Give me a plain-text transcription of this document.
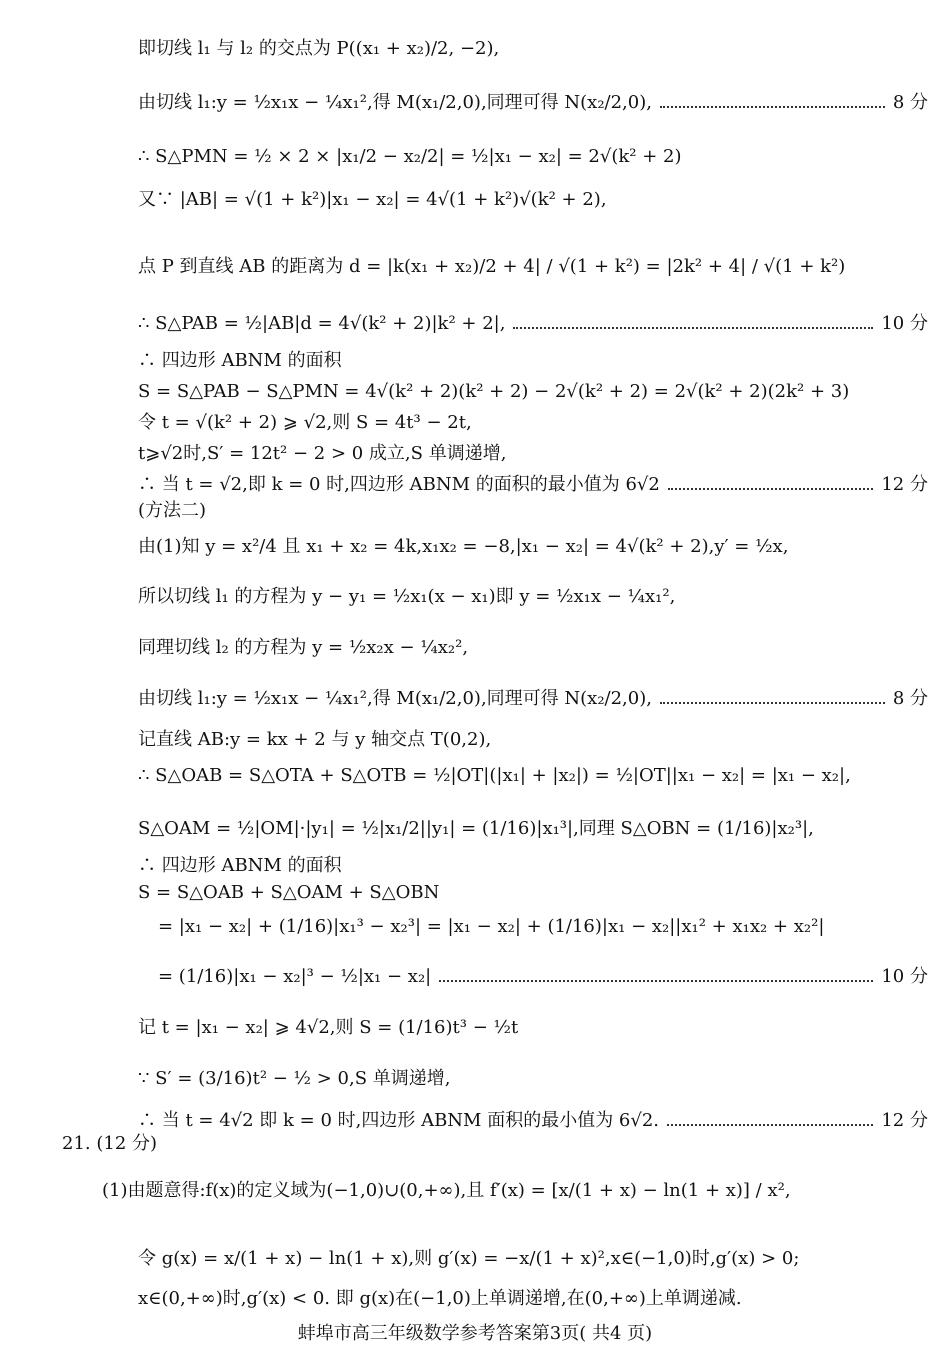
即切线 l₁ 与 l₂ 的交点为 P((x₁ + x₂)/2, −2),
由切线 l₁:y = ½x₁x − ¼x₁²,得 M(x₁/2,0),同理可得 N(x₂/2,0),	8 分
∴ S△PMN = ½ × 2 × |x₁/2 − x₂/2| = ½|x₁ − x₂| = 2√(k² + 2)
又∵ |AB| = √(1 + k²)|x₁ − x₂| = 4√(1 + k²)√(k² + 2),
点 P 到直线 AB 的距离为 d = |k(x₁ + x₂)/2 + 4| / √(1 + k²) = |2k² + 4| / √(1 + k²)
∴ S△PAB = ½|AB|d = 4√(k² + 2)|k² + 2|,	10 分
∴ 四边形 ABNM 的面积
S = S△PAB − S△PMN = 4√(k² + 2)(k² + 2) − 2√(k² + 2) = 2√(k² + 2)(2k² + 3)
令 t = √(k² + 2) ⩾ √2,则 S = 4t³ − 2t,
t⩾√2时,S′ = 12t² − 2 > 0 成立,S 单调递增,
∴ 当 t = √2,即 k = 0 时,四边形 ABNM 的面积的最小值为 6√2	12 分
(方法二)
由(1)知 y = x²/4 且 x₁ + x₂ = 4k,x₁x₂ = −8,|x₁ − x₂| = 4√(k² + 2),y′ = ½x,
所以切线 l₁ 的方程为 y − y₁ = ½x₁(x − x₁)即 y = ½x₁x − ¼x₁²,
同理切线 l₂ 的方程为 y = ½x₂x − ¼x₂²,
由切线 l₁:y = ½x₁x − ¼x₁²,得 M(x₁/2,0),同理可得 N(x₂/2,0),	8 分
记直线 AB:y = kx + 2 与 y 轴交点 T(0,2),
∴ S△OAB = S△OTA + S△OTB = ½|OT|(|x₁| + |x₂|) = ½|OT||x₁ − x₂| = |x₁ − x₂|,
S△OAM = ½|OM|·|y₁| = ½|x₁/2||y₁| = (1/16)|x₁³|,同理 S△OBN = (1/16)|x₂³|,
∴ 四边形 ABNM 的面积
S = S△OAB + S△OAM + S△OBN
= |x₁ − x₂| + (1/16)|x₁³ − x₂³| = |x₁ − x₂| + (1/16)|x₁ − x₂||x₁² + x₁x₂ + x₂²|
= (1/16)|x₁ − x₂|³ − ½|x₁ − x₂|	10 分
记 t = |x₁ − x₂| ⩾ 4√2,则 S = (1/16)t³ − ½t
∵ S′ = (3/16)t² − ½ > 0,S 单调递增,
∴ 当 t = 4√2 即 k = 0 时,四边形 ABNM 面积的最小值为 6√2.	12 分
21. (12 分)
(1)由题意得:f(x)的定义域为(−1,0)∪(0,+∞),且 f′(x) = [x/(1 + x) − ln(1 + x)] / x²,
令 g(x) = x/(1 + x) − ln(1 + x),则 g′(x) = −x/(1 + x)²,x∈(−1,0)时,g′(x) > 0;
x∈(0,+∞)时,g′(x) < 0. 即 g(x)在(−1,0)上单调递增,在(0,+∞)上单调递减.
蚌埠市高三年级数学参考答案第3页( 共4 页)
